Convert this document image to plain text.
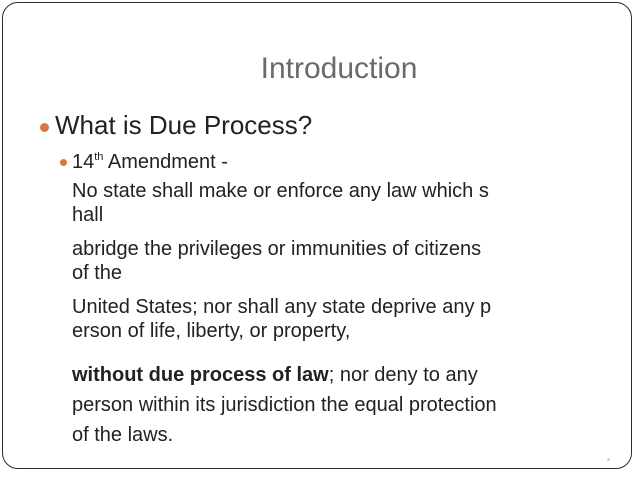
Introduction
What is Due Process?
14th Amendment -
No state shall make or enforce any law which s
hall
abridge the privileges or immunities of citizens
of the
United States; nor shall any state deprive any p
erson of life, liberty, or property,
without due process of law; nor deny to any
person within its jurisdiction the equal protection
of the laws.
